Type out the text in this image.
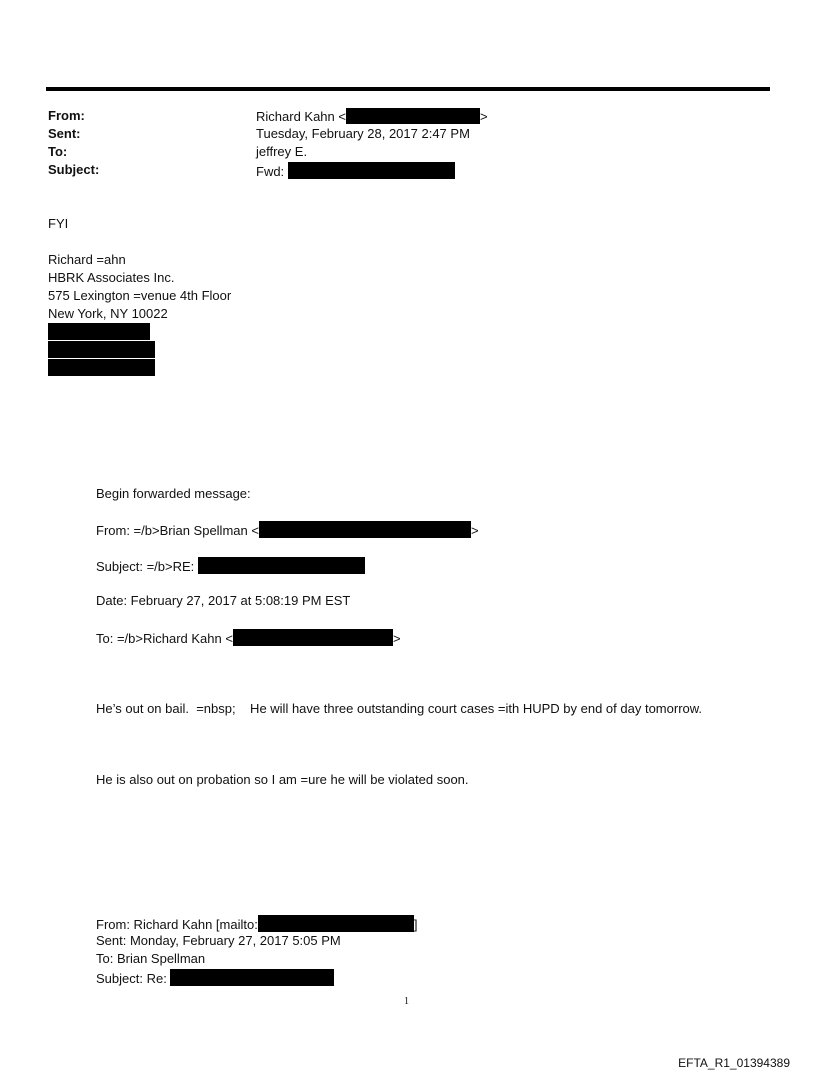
From:	Richard Kahn <	>
Sent:	Tuesday, February 28, 2017 2:47 PM
To:	jeffrey E.
Subject:	Fwd:
FYI
Richard =ahn
HBRK Associates Inc.
575 Lexington =venue 4th Floor
New York, NY 10022
Begin forwarded message:
From: =/b>Brian Spellman <	>
Subject: =/b>RE:
Date: February 27, 2017 at 5:08:19 PM EST
To: =/b>Richard Kahn <	>
He’s out on bail.  =nbsp;    He will have three outstanding court cases =ith HUPD by end of day tomorrow.
He is also out on probation so I am =ure he will be violated soon.
From: Richard Kahn [mailto:	]
Sent: Monday, February 27, 2017 5:05 PM
To: Brian Spellman
Subject: Re:
1
EFTA_R1_01394389
